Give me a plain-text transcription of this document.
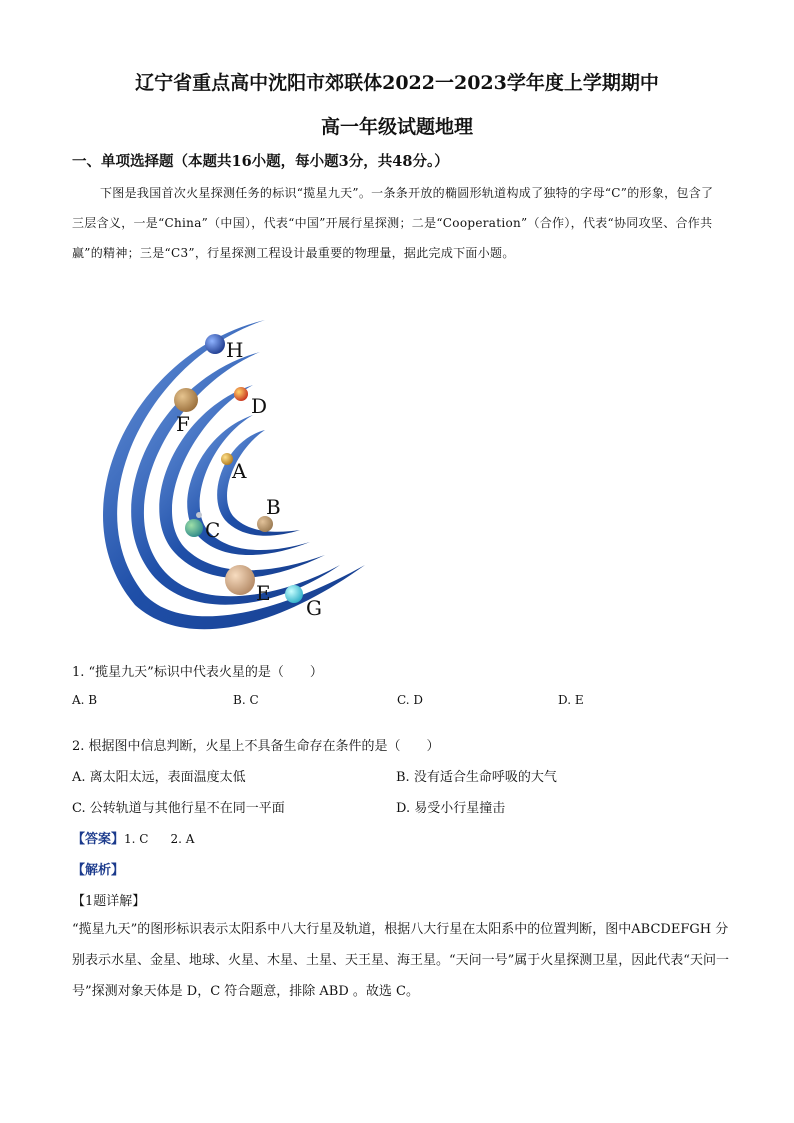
辽宁省重点高中沈阳市郊联体2022一2023学年度上学期期中
高一年级试题地理
一、单项选择题（本题共16小题，每小题3分，共48分。）
下图是我国首次火星探测任务的标识“揽星九天”。一条条开放的椭圆形轨道构成了独特的字母“C”的形象，包含了三层含义，一是“China”（中国），代表“中国”开展行星探测；二是“Cooperation”（合作），代表“协同攻坚、合作共赢”的精神；三是“C3”，行星探测工程设计最重要的物理量，据此完成下面小题。
H
F
D
A
B
C
E
G
1. “揽星九天”标识中代表火星的是（　　）
A. B	B. C	C. D	D. E
2. 根据图中信息判断，火星上不具备生命存在条件的是（　　）
A. 离太阳太远，表面温度太低	B. 没有适合生命呼吸的大气
C. 公转轨道与其他行星不在同一平面	D. 易受小行星撞击
【答案】1. C 2. A
【解析】
【1题详解】
“揽星九天”的图形标识表示太阳系中八大行星及轨道，根据八大行星在太阳系中的位置判断，图中ABCDEFGH 分别表示水星、金星、地球、火星、木星、土星、天王星、海王星。“天问一号”属于火星探测卫星，因此代表“天问一号”探测对象天体是 D，C 符合题意，排除 ABD 。故选 C。
